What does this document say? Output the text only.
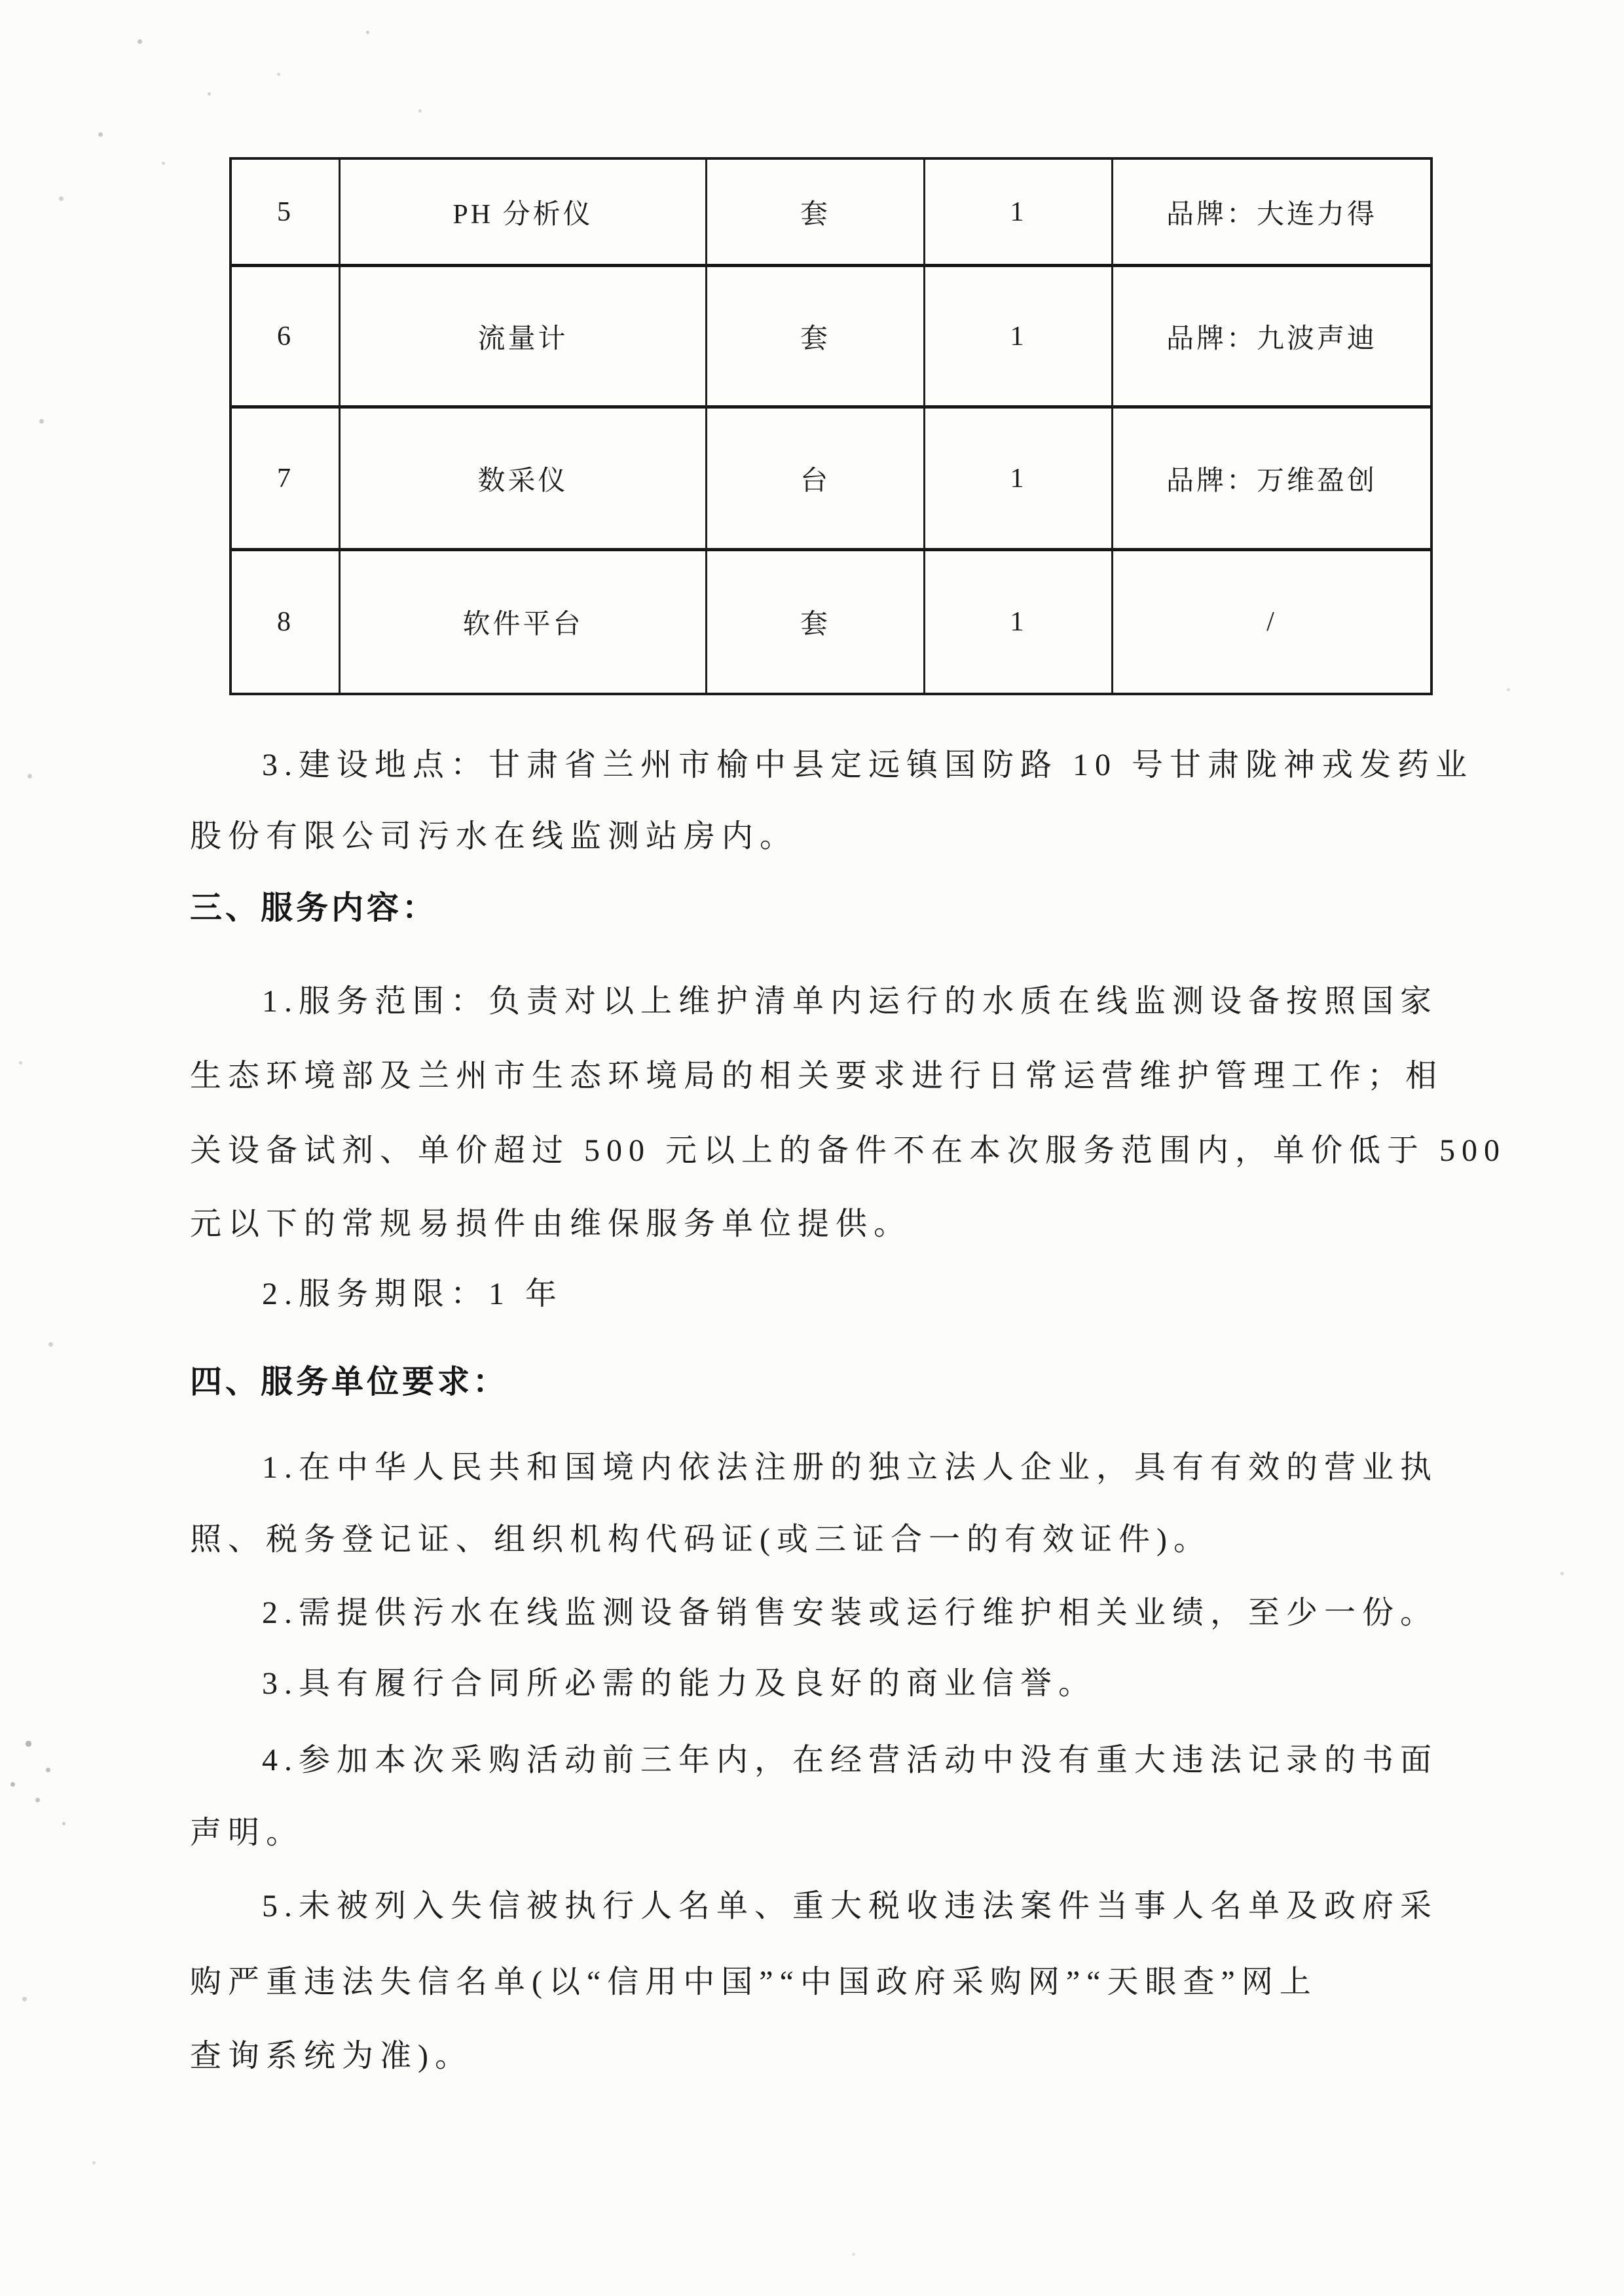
5	PH 分析仪	套	1	品牌：大连力得
6	流量计	套	1	品牌：九波声迪
7	数采仪	台	1	品牌：万维盈创
8	软件平台	套	1	/
3.建设地点：甘肃省兰州市榆中县定远镇国防路 10 号甘肃陇神戎发药业
股份有限公司污水在线监测站房内。
三、服务内容：
1.服务范围：负责对以上维护清单内运行的水质在线监测设备按照国家
生态环境部及兰州市生态环境局的相关要求进行日常运营维护管理工作；相
关设备试剂、单价超过 500 元以上的备件不在本次服务范围内，单价低于 500
元以下的常规易损件由维保服务单位提供。
2.服务期限：1 年
四、服务单位要求：
1.在中华人民共和国境内依法注册的独立法人企业，具有有效的营业执
照、税务登记证、组织机构代码证(或三证合一的有效证件)。
2.需提供污水在线监测设备销售安装或运行维护相关业绩，至少一份。
3.具有履行合同所必需的能力及良好的商业信誉。
4.参加本次采购活动前三年内，在经营活动中没有重大违法记录的书面
声明。
5.未被列入失信被执行人名单、重大税收违法案件当事人名单及政府采
购严重违法失信名单(以“信用中国”“中国政府采购网”“天眼查”网上
查询系统为准)。
